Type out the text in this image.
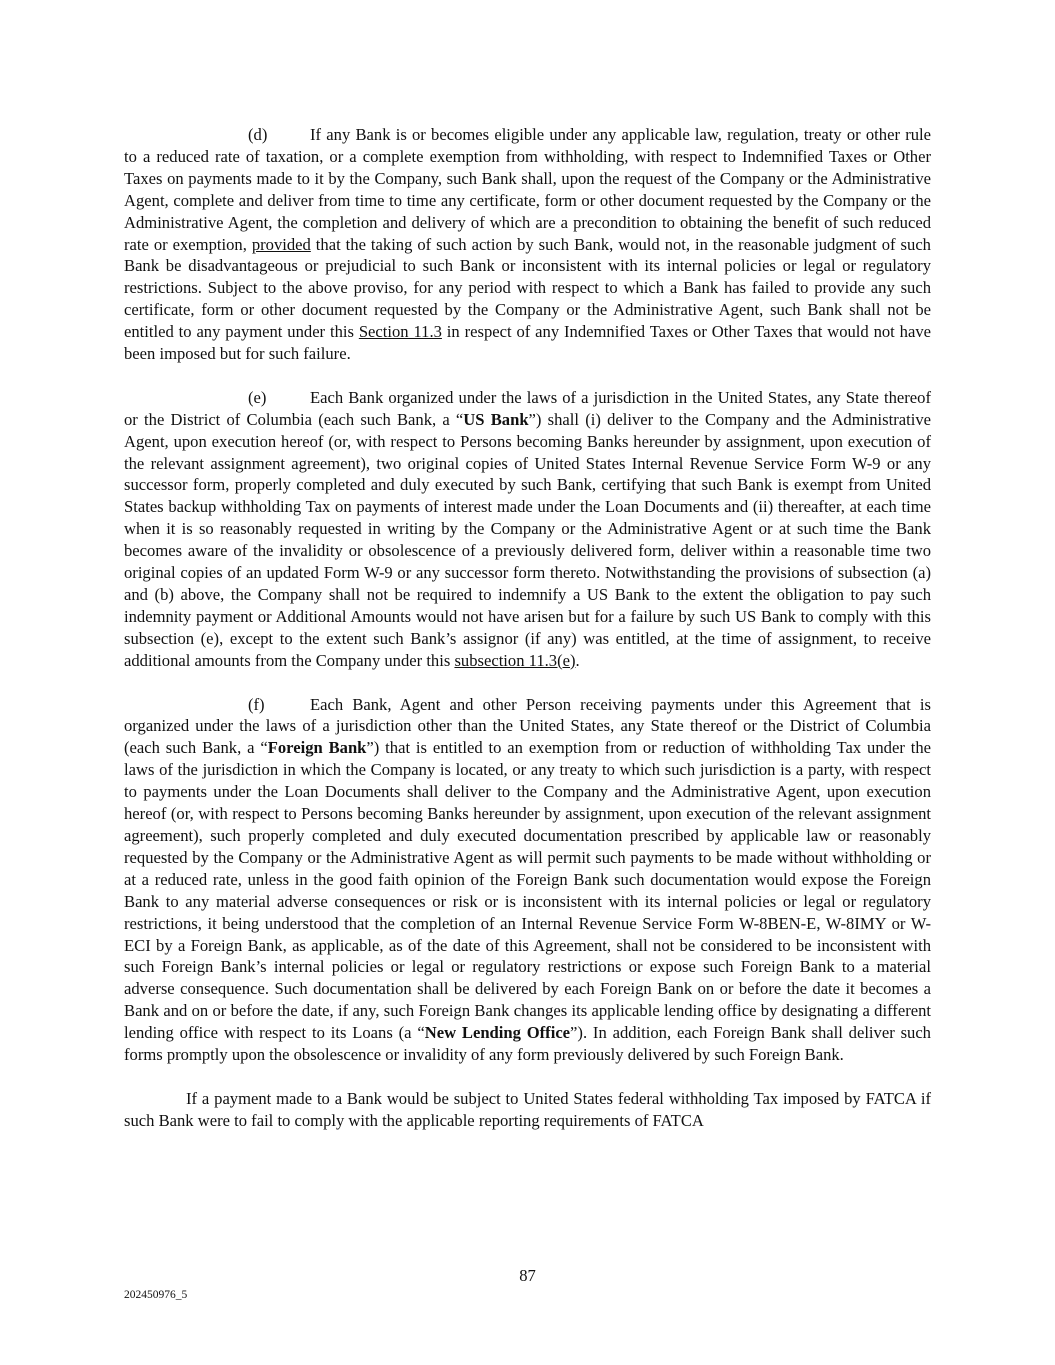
(d)	If any Bank is or becomes eligible under any applicable law, regulation, treaty or other rule to a reduced rate of taxation, or a complete exemption from withholding, with respect to Indemnified Taxes or Other Taxes on payments made to it by the Company, such Bank shall, upon the request of the Company or the Administrative Agent, complete and deliver from time to time any certificate, form or other document requested by the Company or the Administrative Agent, the completion and delivery of which are a precondition to obtaining the benefit of such reduced rate or exemption, provided that the taking of such action by such Bank, would not, in the reasonable judgment of such Bank be disadvantageous or prejudicial to such Bank or inconsistent with its internal policies or legal or regulatory restrictions. Subject to the above proviso, for any period with respect to which a Bank has failed to provide any such certificate, form or other document requested by the Company or the Administrative Agent, such Bank shall not be entitled to any payment under this Section 11.3 in respect of any Indemnified Taxes or Other Taxes that would not have been imposed but for such failure.

(e)	Each Bank organized under the laws of a jurisdiction in the United States, any State thereof or the District of Columbia (each such Bank, a “US Bank”) shall (i) deliver to the Company and the Administrative Agent, upon execution hereof (or, with respect to Persons becoming Banks hereunder by assignment, upon execution of the relevant assignment agreement), two original copies of United States Internal Revenue Service Form W-9 or any successor form, properly completed and duly executed by such Bank, certifying that such Bank is exempt from United States backup withholding Tax on payments of interest made under the Loan Documents and (ii) thereafter, at each time when it is so reasonably requested in writing by the Company or the Administrative Agent or at such time the Bank becomes aware of the invalidity or obsolescence of a previously delivered form, deliver within a reasonable time two original copies of an updated Form W-9 or any successor form thereto. Notwithstanding the provisions of subsection (a) and (b) above, the Company shall not be required to indemnify a US Bank to the extent the obligation to pay such indemnity payment or Additional Amounts would not have arisen but for a failure by such US Bank to comply with this subsection (e), except to the extent such Bank’s assignor (if any) was entitled, at the time of assignment, to receive additional amounts from the Company under this subsection 11.3(e).

(f)	Each Bank, Agent and other Person receiving payments under this Agreement that is organized under the laws of a jurisdiction other than the United States, any State thereof or the District of Columbia (each such Bank, a “Foreign Bank”) that is entitled to an exemption from or reduction of withholding Tax under the laws of the jurisdiction in which the Company is located, or any treaty to which such jurisdiction is a party, with respect to payments under the Loan Documents shall deliver to the Company and the Administrative Agent, upon execution hereof (or, with respect to Persons becoming Banks hereunder by assignment, upon execution of the relevant assignment agreement), such properly completed and duly executed documentation prescribed by applicable law or reasonably requested by the Company or the Administrative Agent as will permit such payments to be made without withholding or at a reduced rate, unless in the good faith opinion of the Foreign Bank such documentation would expose the Foreign Bank to any material adverse consequences or risk or is inconsistent with its internal policies or legal or regulatory restrictions, it being understood that the completion of an Internal Revenue Service Form W-8BEN-E, W-8IMY or W-ECI by a Foreign Bank, as applicable, as of the date of this Agreement, shall not be considered to be inconsistent with such Foreign Bank’s internal policies or legal or regulatory restrictions or expose such Foreign Bank to a material adverse consequence. Such documentation shall be delivered by each Foreign Bank on or before the date it becomes a Bank and on or before the date, if any, such Foreign Bank changes its applicable lending office by designating a different lending office with respect to its Loans (a “New Lending Office”). In addition, each Foreign Bank shall deliver such forms promptly upon the obsolescence or invalidity of any form previously delivered by such Foreign Bank.

If a payment made to a Bank would be subject to United States federal withholding Tax imposed by FATCA if such Bank were to fail to comply with the applicable reporting requirements of FATCA

87
202450976_5
